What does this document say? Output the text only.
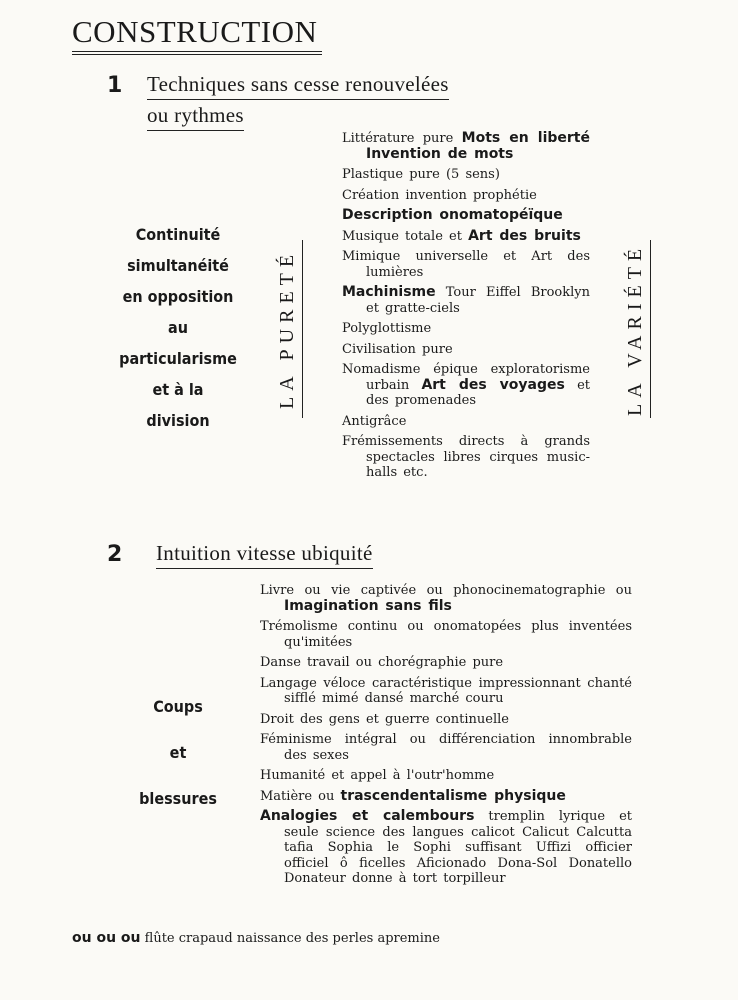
CONSTRUCTION
1 Techniques sans cesse renouvelées
ou rythmes
Continuité
simultanéité
en opposition
au
particularisme
et à la
division
LA PURETÉ	LA VARIÉTÉ
Littérature pure Mots en liberté Invention de mots
Plastique pure (5 sens)
Création invention prophétie
Description onomatopéïque
Musique totale et Art des bruits
Mimique universelle et Art des lumières
Machinisme Tour Eiffel Brooklyn et gratte-ciels
Polyglottisme
Civilisation pure
Nomadisme épique exploratorisme urbain Art des voyages et des promenades
Antigrâce
Frémissements directs à grands spectacles libres cirques music-halls etc.
2 Intuition vitesse ubiquité
Coups
et
blessures
Livre ou vie captivée ou phonocinematographie ou Imagination sans fils
Trémolisme continu ou onomatopées plus inventées qu'imitées
Danse travail ou chorégraphie pure
Langage véloce caractéristique impressionnant chanté sifflé mimé dansé marché couru
Droit des gens et guerre continuelle
Féminisme intégral ou différenciation innombrable des sexes
Humanité et appel à l'outr'homme
Matière ou trascendentalisme physique
Analogies et calembours tremplin lyrique et seule science des langues calicot Calicut Calcutta tafia Sophia le Sophi suffisant Uffizi officier officiel ô ficelles Aficionado Dona-Sol Donatello Donateur donne à tort torpilleur
ou ou ou flûte crapaud naissance des perles apremine
